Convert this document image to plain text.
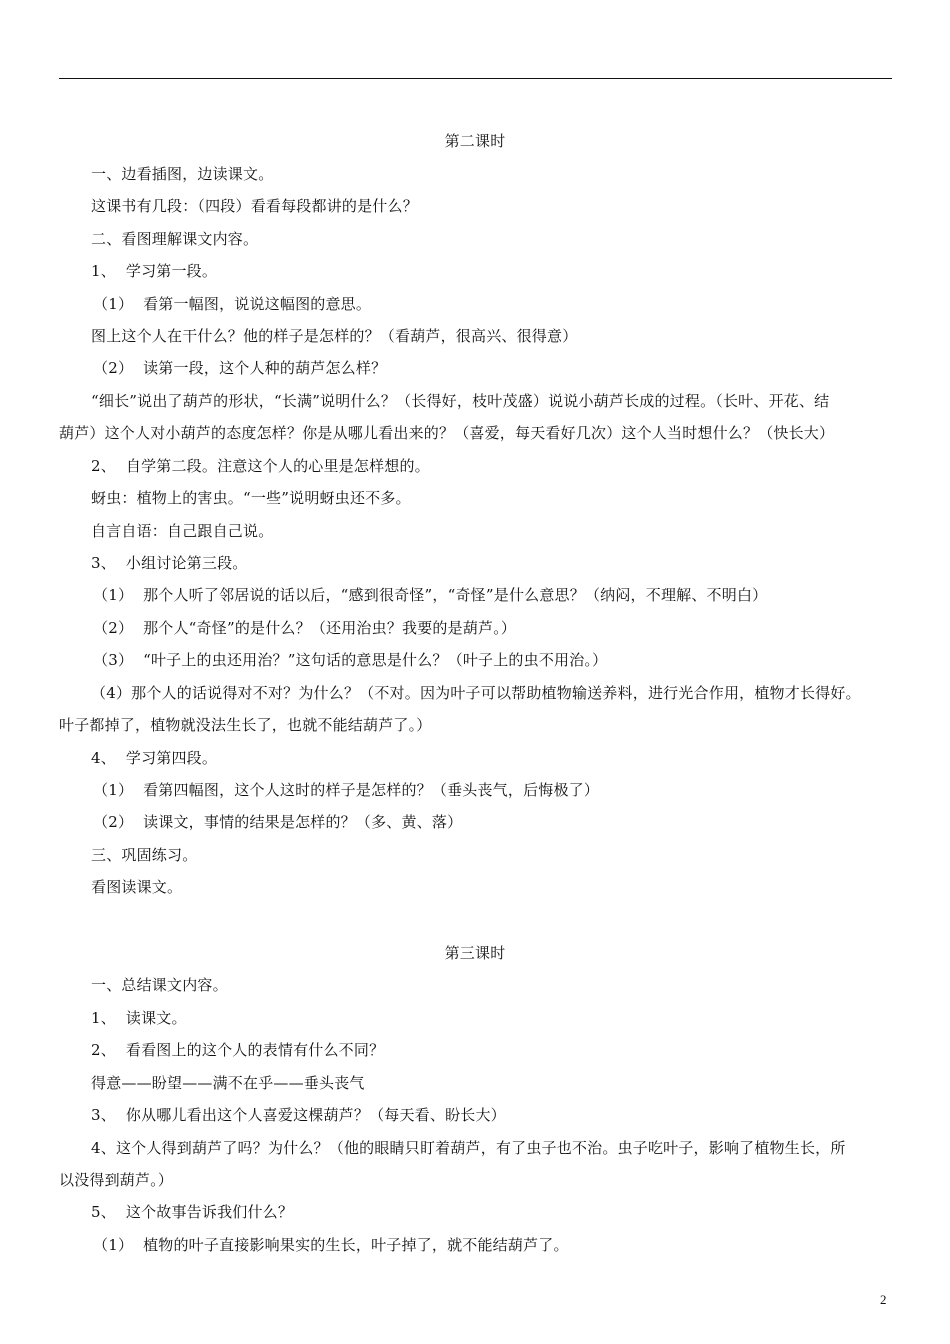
第二课时
一、边看插图，边读课文。
这课书有几段：（四段）看看每段都讲的是什么？
二、看图理解课文内容。
1、  学习第一段。
（1）  看第一幅图，说说这幅图的意思。
图上这个人在干什么？他的样子是怎样的？（看葫芦，很高兴、很得意）
（2）  读第一段，这个人种的葫芦怎么样？
“细长”说出了葫芦的形状，“长满”说明什么？（长得好，枝叶茂盛）说说小葫芦长成的过程。（长叶、开花、结
葫芦）这个人对小葫芦的态度怎样？你是从哪儿看出来的？（喜爱，每天看好几次）这个人当时想什么？（快长大）
2、  自学第二段。注意这个人的心里是怎样想的。
蚜虫：植物上的害虫。“一些”说明蚜虫还不多。
自言自语：自己跟自己说。
3、  小组讨论第三段。
（1）  那个人听了邻居说的话以后，“感到很奇怪”，“奇怪”是什么意思？（纳闷，不理解、不明白）
（2）  那个人“奇怪”的是什么？（还用治虫？我要的是葫芦。）
（3）  “叶子上的虫还用治？”这句话的意思是什么？（叶子上的虫不用治。）
（4）那个人的话说得对不对？为什么？（不对。因为叶子可以帮助植物输送养料，进行光合作用，植物才长得好。
叶子都掉了，植物就没法生长了，也就不能结葫芦了。）
4、  学习第四段。
（1）  看第四幅图，这个人这时的样子是怎样的？（垂头丧气，后悔极了）
（2）  读课文，事情的结果是怎样的？（多、黄、落）
三、巩固练习。
看图读课文。
第三课时
一、总结课文内容。
1、  读课文。
2、  看看图上的这个人的表情有什么不同？
得意——盼望——满不在乎——垂头丧气
3、  你从哪儿看出这个人喜爱这棵葫芦？（每天看、盼长大）
4、这个人得到葫芦了吗？为什么？（他的眼睛只盯着葫芦，有了虫子也不治。虫子吃叶子，影响了植物生长，所
以没得到葫芦。）
5、  这个故事告诉我们什么？
（1）  植物的叶子直接影响果实的生长，叶子掉了，就不能结葫芦了。
2
